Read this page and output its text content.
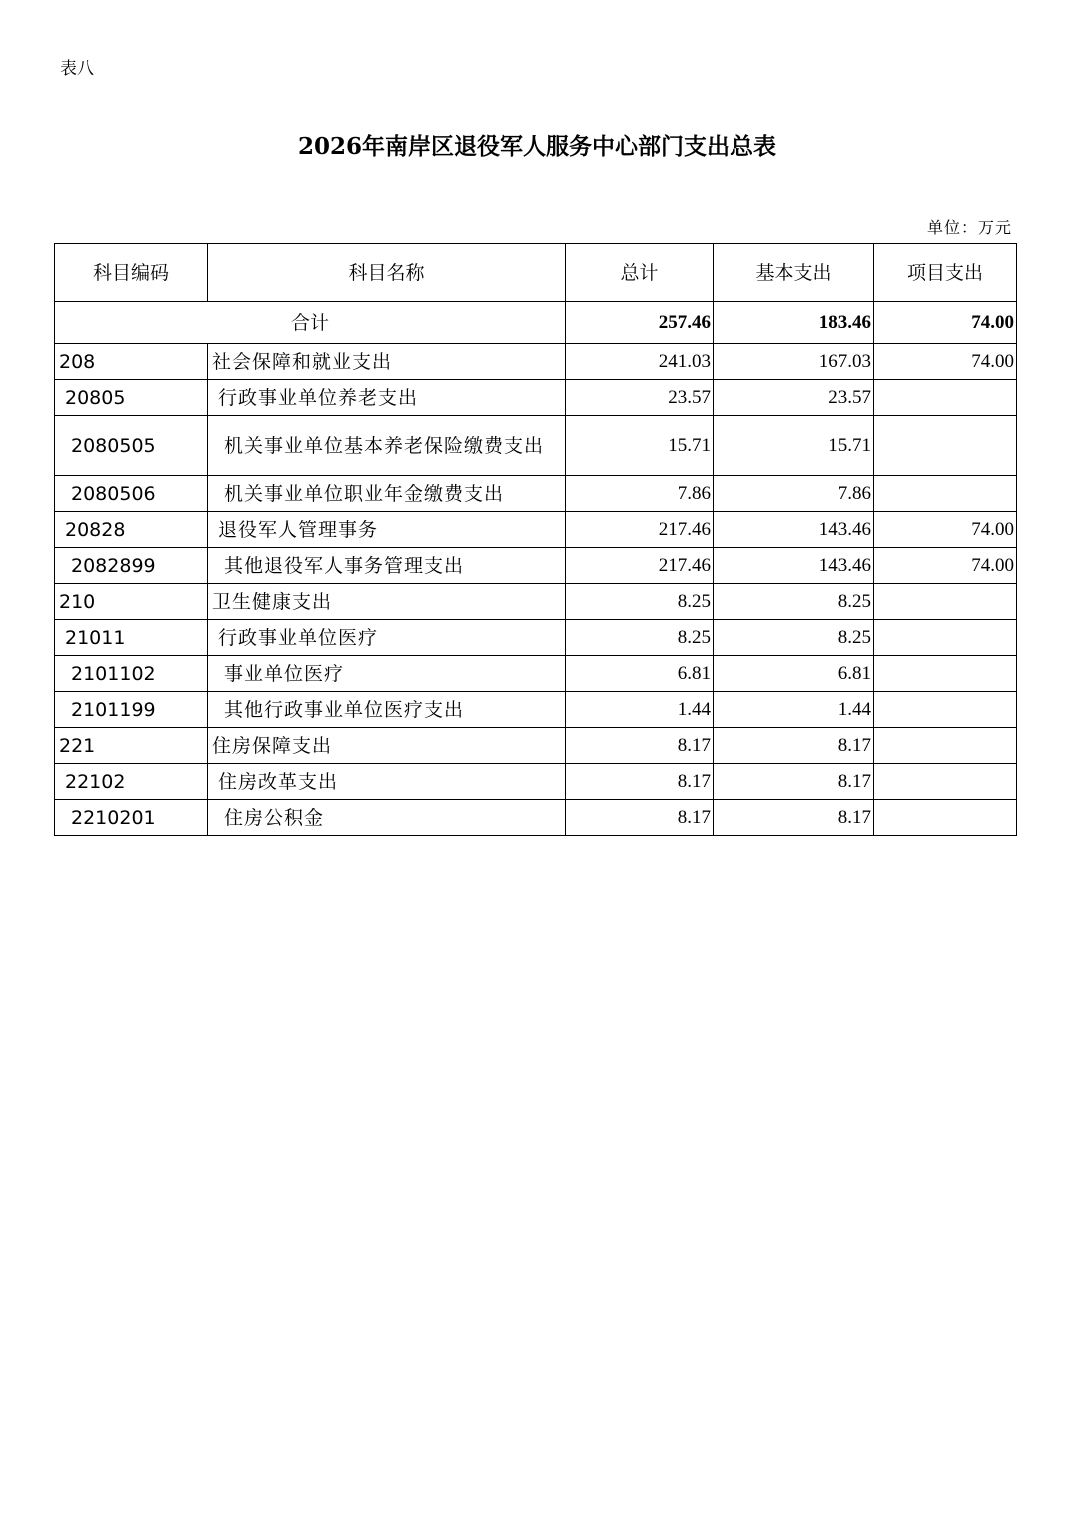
表八
2026年南岸区退役军人服务中心部门支出总表
单位：万元
科目编码	科目名称	总计	基本支出	项目支出
合计		257.46	183.46	74.00
208	社会保障和就业支出	241.03	167.03	74.00
20805	行政事业单位养老支出	23.57	23.57	
2080505	机关事业单位基本养老保险缴费支出	15.71	15.71	
2080506	机关事业单位职业年金缴费支出	7.86	7.86	
20828	退役军人管理事务	217.46	143.46	74.00
2082899	其他退役军人事务管理支出	217.46	143.46	74.00
210	卫生健康支出	8.25	8.25	
21011	行政事业单位医疗	8.25	8.25	
2101102	事业单位医疗	6.81	6.81	
2101199	其他行政事业单位医疗支出	1.44	1.44	
221	住房保障支出	8.17	8.17	
22102	住房改革支出	8.17	8.17	
2210201	住房公积金	8.17	8.17	
